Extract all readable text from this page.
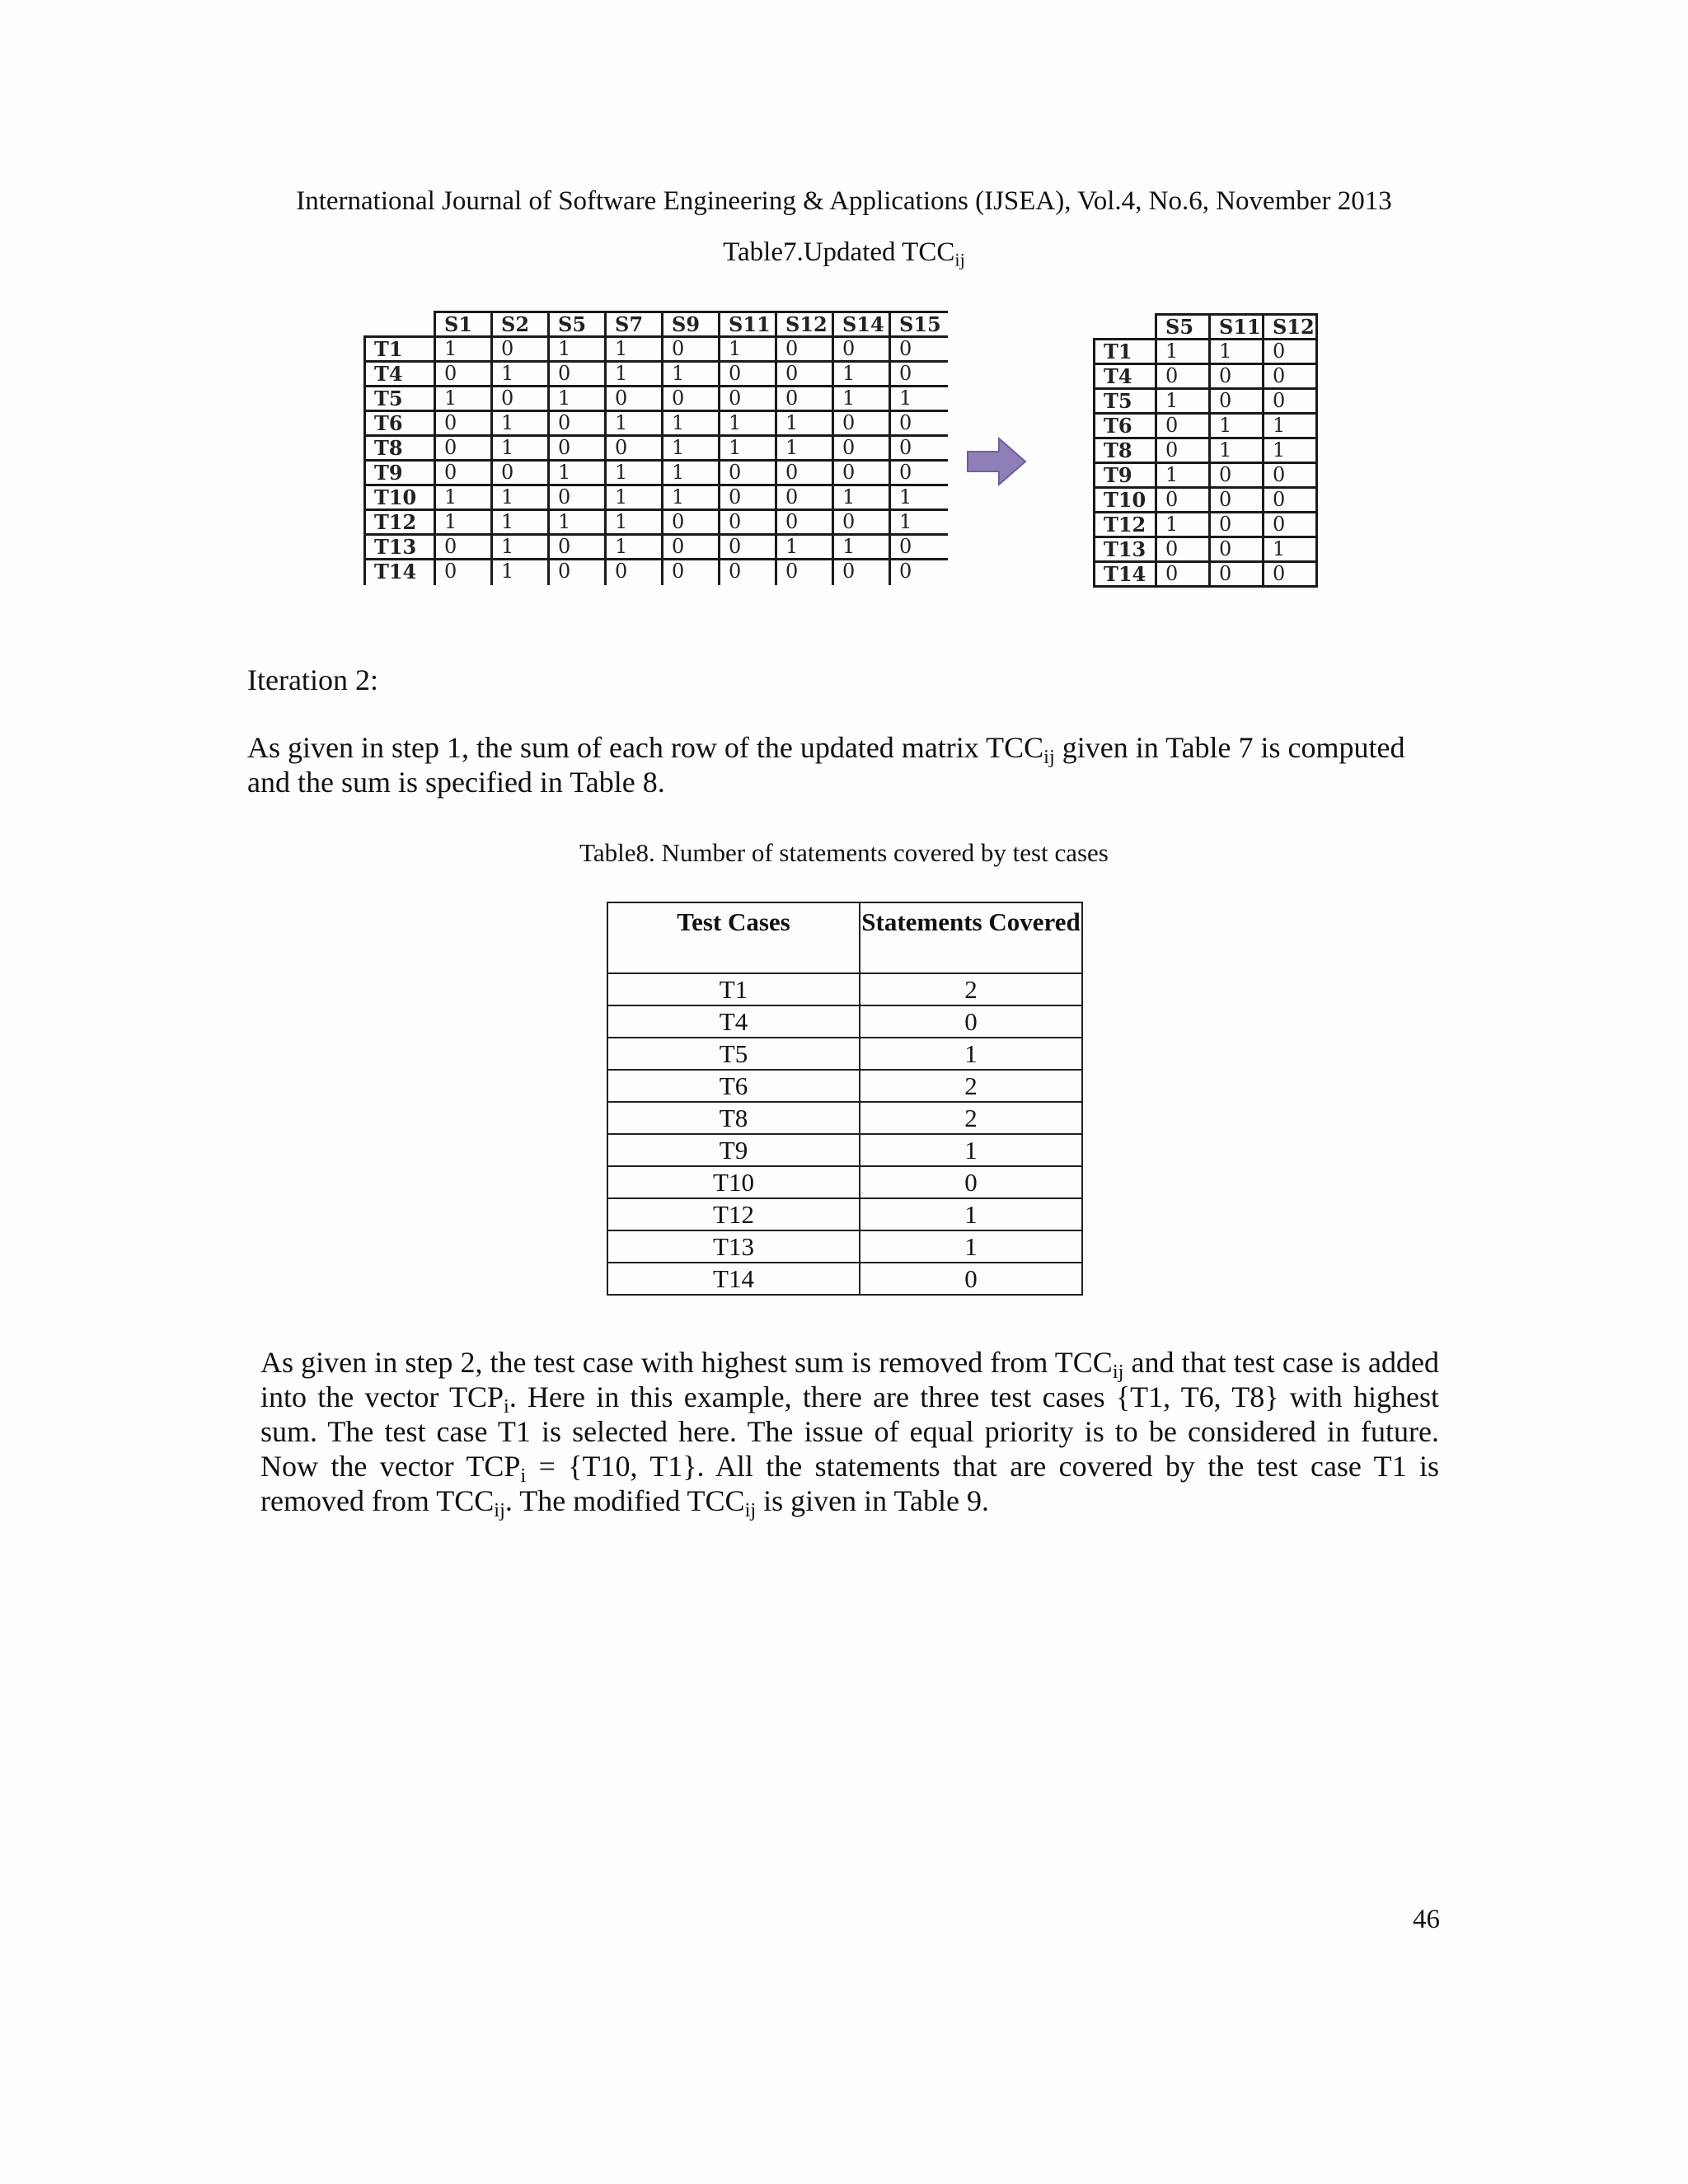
International Journal of Software Engineering & Applications (IJSEA), Vol.4, No.6, November 2013
Table7.Updated $TCC_{ij}$
	S1	S2	S5	S7	S9	S11	S12	S14	S15
T1	1	0	1	1	0	1	0	0	0
T4	0	1	0	1	1	0	0	1	0
T5	1	0	1	0	0	0	0	1	1
T6	0	1	0	1	1	1	1	0	0
T8	0	1	0	0	1	1	1	0	0
T9	0	0	1	1	1	0	0	0	0
T10	1	1	0	1	1	0	0	1	1
T12	1	1	1	1	0	0	0	0	1
T13	0	1	0	1	0	0	1	1	0
T14	0	1	0	0	0	0	0	0	0
	S5	S11	S12
T1	1	1	0
T4	0	0	0
T5	1	0	0
T6	0	1	1
T8	0	1	1
T9	1	0	0
T10	0	0	0
T12	1	0	0
T13	0	0	1
T14	0	0	0
Iteration 2:
As given in step 1, the sum of each row of the updated matrix $TCC_{ij}$ given in Table 7 is computed and the sum is specified in Table 8.
Table8. Number of statements covered by test cases
Test Cases	Statements Covered
T1	2
T4	0
T5	1
T6	2
T8	2
T9	1
T10	0
T12	1
T13	1
T14	0
As given in step 2, the test case with highest sum is removed from $TCC_{ij}$ and that test case is added into the vector $TCP_i$. Here in this example, there are three test cases {T1, T6, T8} with highest sum. The test case T1 is selected here. The issue of equal priority is to be considered in future. Now the vector $TCP_i = \{T10$, T1}. All the statements that are covered by the test case T1 is removed from $TCC_{ij}$. The modified $TCC_{ij}$ is given in Table 9.
46
